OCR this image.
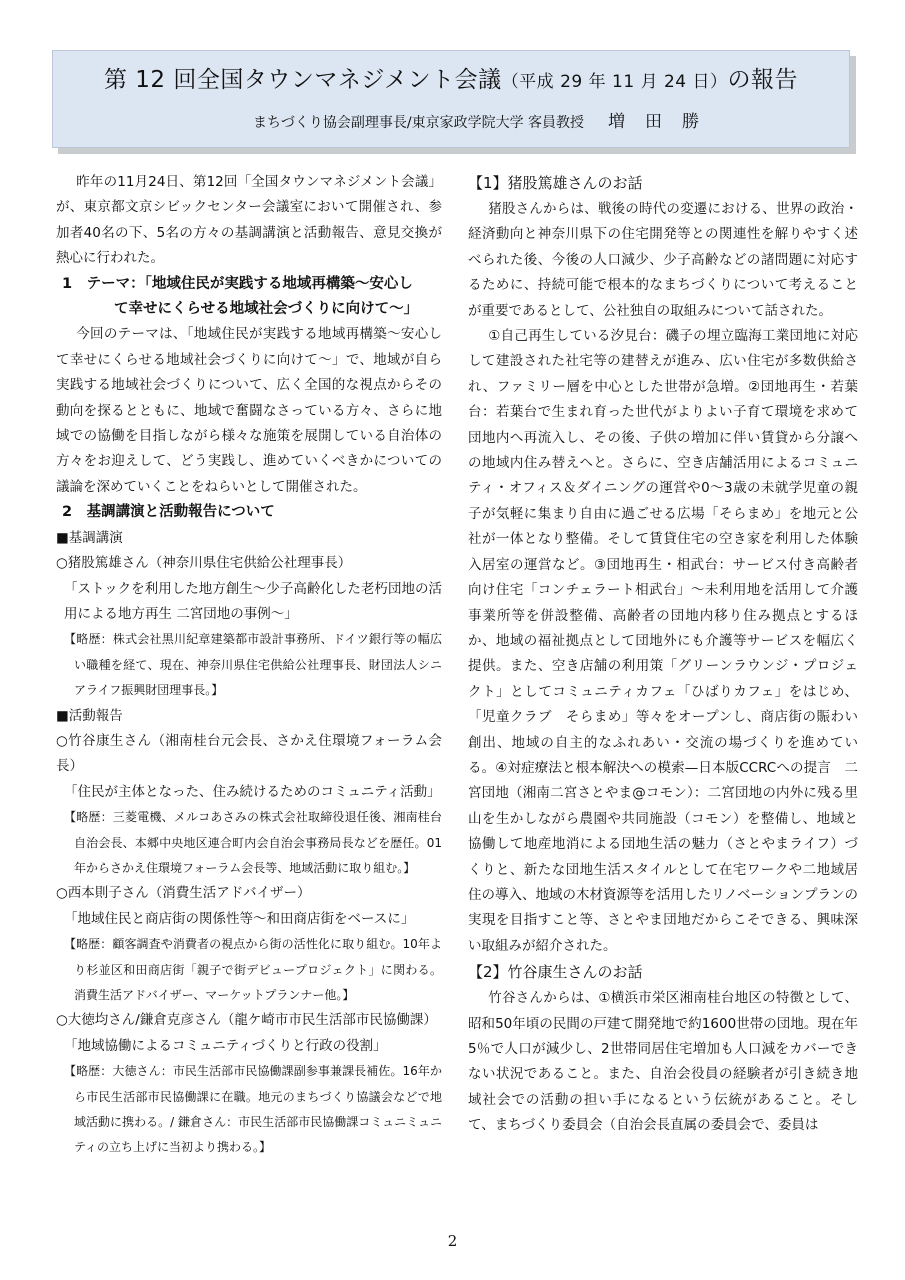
第 12 回全国タウンマネジメント会議（平成 29 年 11 月 24 日）の報告
まちづくり協会副理事長/東京家政学院大学 客員教授 増田勝

昨年の11月24日、第12回「全国タウンマネジメント会議」が、東京都文京シビックセンター会議室において開催され、参加者40名の下、5名の方々の基調講演と活動報告、意見交換が熱心に行われた。

1　テーマ：「地域住民が実践する地域再構築〜安心し

て幸せにくらせる地域社会づくりに向けて〜」

今回のテーマは、「地域住民が実践する地域再構築〜安心して幸せにくらせる地域社会づくりに向けて〜」で、地域が自ら実践する地域社会づくりについて、広く全国的な視点からその動向を探るとともに、地域で奮闘なさっている方々、さらに地域での協働を目指しながら様々な施策を展開している自治体の方々をお迎えして、どう実践し、進めていくべきかについての議論を深めていくことをねらいとして開催された。

2　基調講演と活動報告について

■基調講演

○猪股篤雄さん（神奈川県住宅供給公社理事長）

「ストックを利用した地方創生〜少子高齢化した老朽団地の活用による地方再生 二宮団地の事例〜」

【略歴：株式会社黒川紀章建築都市設計事務所、ドイツ銀行等の幅広い職種を経て、現在、神奈川県住宅供給公社理事長、財団法人シニアライフ振興財団理事長。】

■活動報告

○竹谷康生さん（湘南桂台元会長、さかえ住環境フォーラム会長）

「住民が主体となった、住み続けるためのコミュニティ活動」

【略歴：三菱電機、メルコあさみの株式会社取締役退任後、湘南桂台自治会長、本郷中央地区連合町内会自治会事務局長などを歴任。01年からさかえ住環境フォーラム会長等、地域活動に取り組む。】

○西本則子さん（消費生活アドバイザー）

「地域住民と商店街の関係性等〜和田商店街をベースに」

【略歴：顧客調査や消費者の視点から街の活性化に取り組む。10年より杉並区和田商店街「親子で街デビュープロジェクト」に関わる。消費生活アドバイザー、マーケットプランナー他。】

○大徳均さん/鎌倉克彦さん（龍ケ崎市市民生活部市民協働課）

「地域協働によるコミュニティづくりと行政の役割」

【略歴：大徳さん：市民生活部市民協働課副参事兼課長補佐。16年から市民生活部市民協働課に在職。地元のまちづくり協議会などで地域活動に携わる。/ 鎌倉さん：市民生活部市民協働課コミュニミュニティの立ち上げに当初より携わる。】

【1】猪股篤雄さんのお話

猪股さんからは、戦後の時代の変遷における、世界の政治・経済動向と神奈川県下の住宅開発等との関連性を解りやすく述べられた後、今後の人口減少、少子高齢などの諸問題に対応するために、持続可能で根本的なまちづくりについて考えることが重要であるとして、公社独自の取組みについて話された。

①自己再生している汐見台：磯子の埋立臨海工業団地に対応して建設された社宅等の建替えが進み、広い住宅が多数供給され、ファミリー層を中心とした世帯が急増。②団地再生・若葉台：若葉台で生まれ育った世代がよりよい子育て環境を求めて団地内へ再流入し、その後、子供の増加に伴い賃貸から分譲への地域内住み替えへと。さらに、空き店舗活用によるコミュニティ・オフィス＆ダイニングの運営や0〜3歳の未就学児童の親子が気軽に集まり自由に過ごせる広場「そらまめ」を地元と公社が一体となり整備。そして賃貸住宅の空き家を利用した体験入居室の運営など。③団地再生・相武台：サービス付き高齢者向け住宅「コンチェラート相武台」〜未利用地を活用して介護事業所等を併設整備、高齢者の団地内移り住み拠点とするほか、地域の福祉拠点として団地外にも介護等サービスを幅広く提供。また、空き店舗の利用策「グリーンラウンジ・プロジェクト」としてコミュニティカフェ「ひばりカフェ」をはじめ、「児童クラブ　そらまめ」等々をオープンし、商店街の賑わい創出、地域の自主的なふれあい・交流の場づくりを進めている。④対症療法と根本解決への模索—日本版CCRCへの提言　二宮団地（湘南二宮さとやま@コモン）：二宮団地の内外に残る里山を生かしながら農園や共同施設（コモン）を整備し、地域と協働して地産地消による団地生活の魅力（さとやまライフ）づくりと、新たな団地生活スタイルとして在宅ワークや二地域居住の導入、地域の木材資源等を活用したリノベーションプランの実現を目指すこと等、さとやま団地だからこそできる、興味深い取組みが紹介された。

【2】竹谷康生さんのお話

竹谷さんからは、①横浜市栄区湘南桂台地区の特徴として、昭和50年頃の民間の戸建て開発地で約1600世帯の団地。現在年5％で人口が減少し、2世帯同居住宅増加も人口減をカバーできない状況であること。また、自治会役員の経験者が引き続き地域社会での活動の担い手になるという伝統があること。そして、まちづくり委員会（自治会長直属の委員会で、委員は

2
